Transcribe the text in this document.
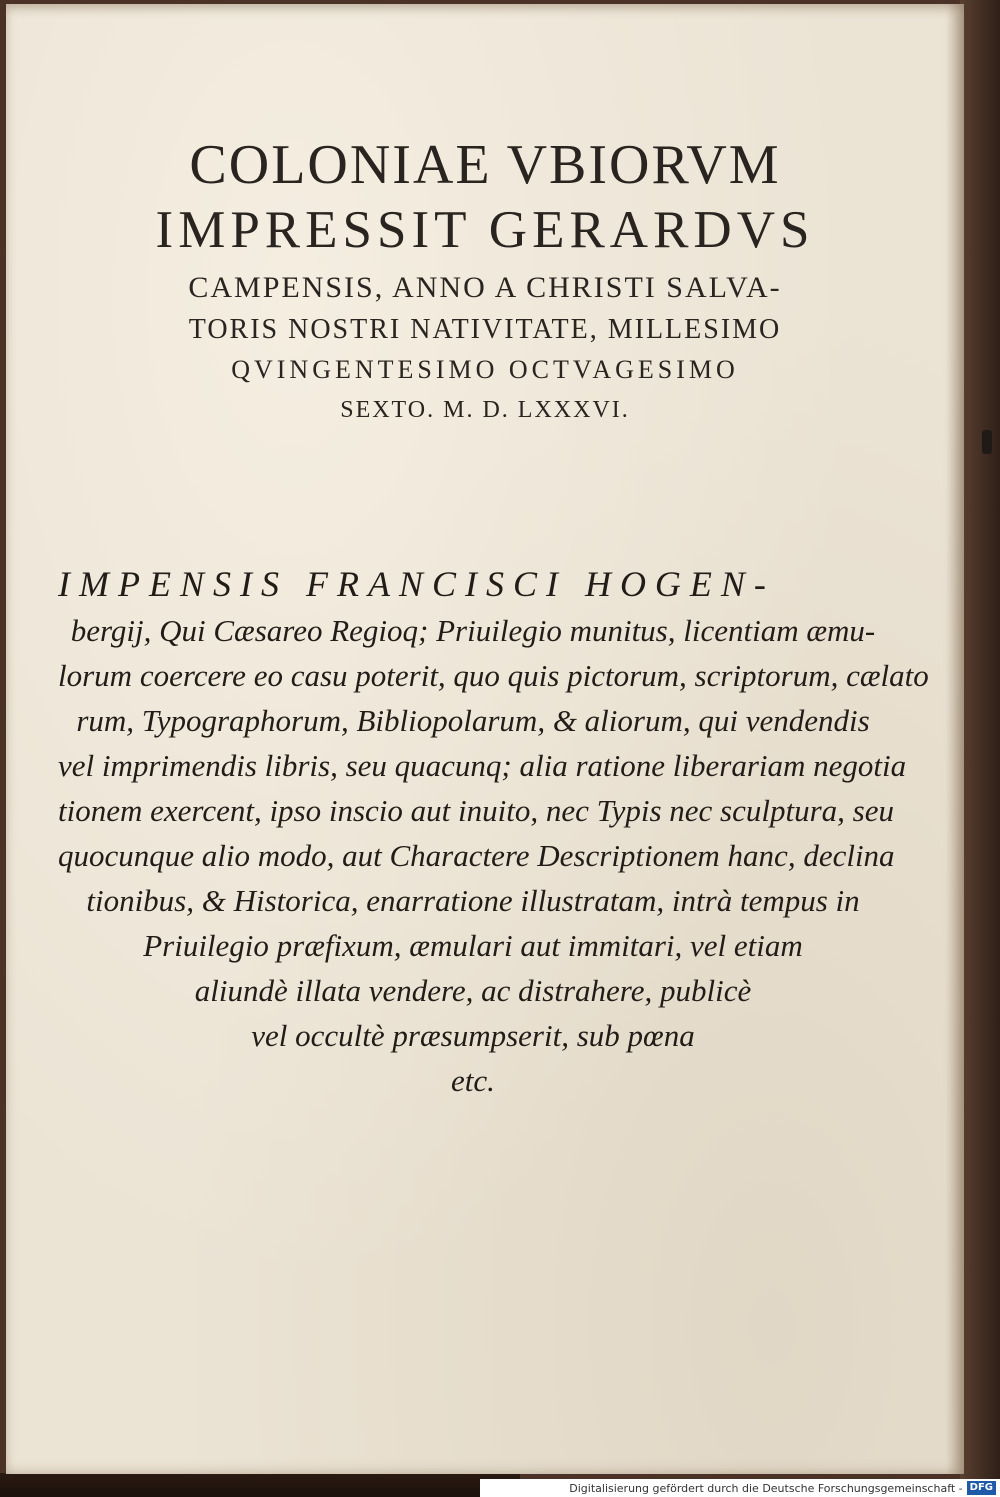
COLONIAE VBIORVM
IMPRESSIT GERARDVS
CAMPENSIS, ANNO A CHRISTI SALVA-
TORIS NOSTRI NATIVITATE, MILLESIMO
QVINGENTESIMO OCTVAGESIMO
SEXTO. M. D. LXXXVI.
IMPENSIS FRANCISCI HOGEN-
bergij, Qui Cæsareo Regioq; Priuilegio munitus, licentiam æmu-
lorum coercere eo casu poterit, quo quis pictorum, scriptorum, cælato
rum, Typographorum, Bibliopolarum, & aliorum, qui vendendis
vel imprimendis libris, seu quacunq; alia ratione liberariam negotia
tionem exercent, ipso inscio aut inuito, nec Typis nec sculptura, seu
quocunque alio modo, aut Charactere Descriptionem hanc, declina
tionibus, & Historica, enarratione illustratam, intrà tempus in
Priuilegio præfixum, æmulari aut immitari, vel etiam
aliundè illata vendere, ac distrahere, publicè
vel occultè præsumpserit, sub pœna
etc.
Digitalisierung gefördert durch die Deutsche Forschungsgemeinschaft - DFG
